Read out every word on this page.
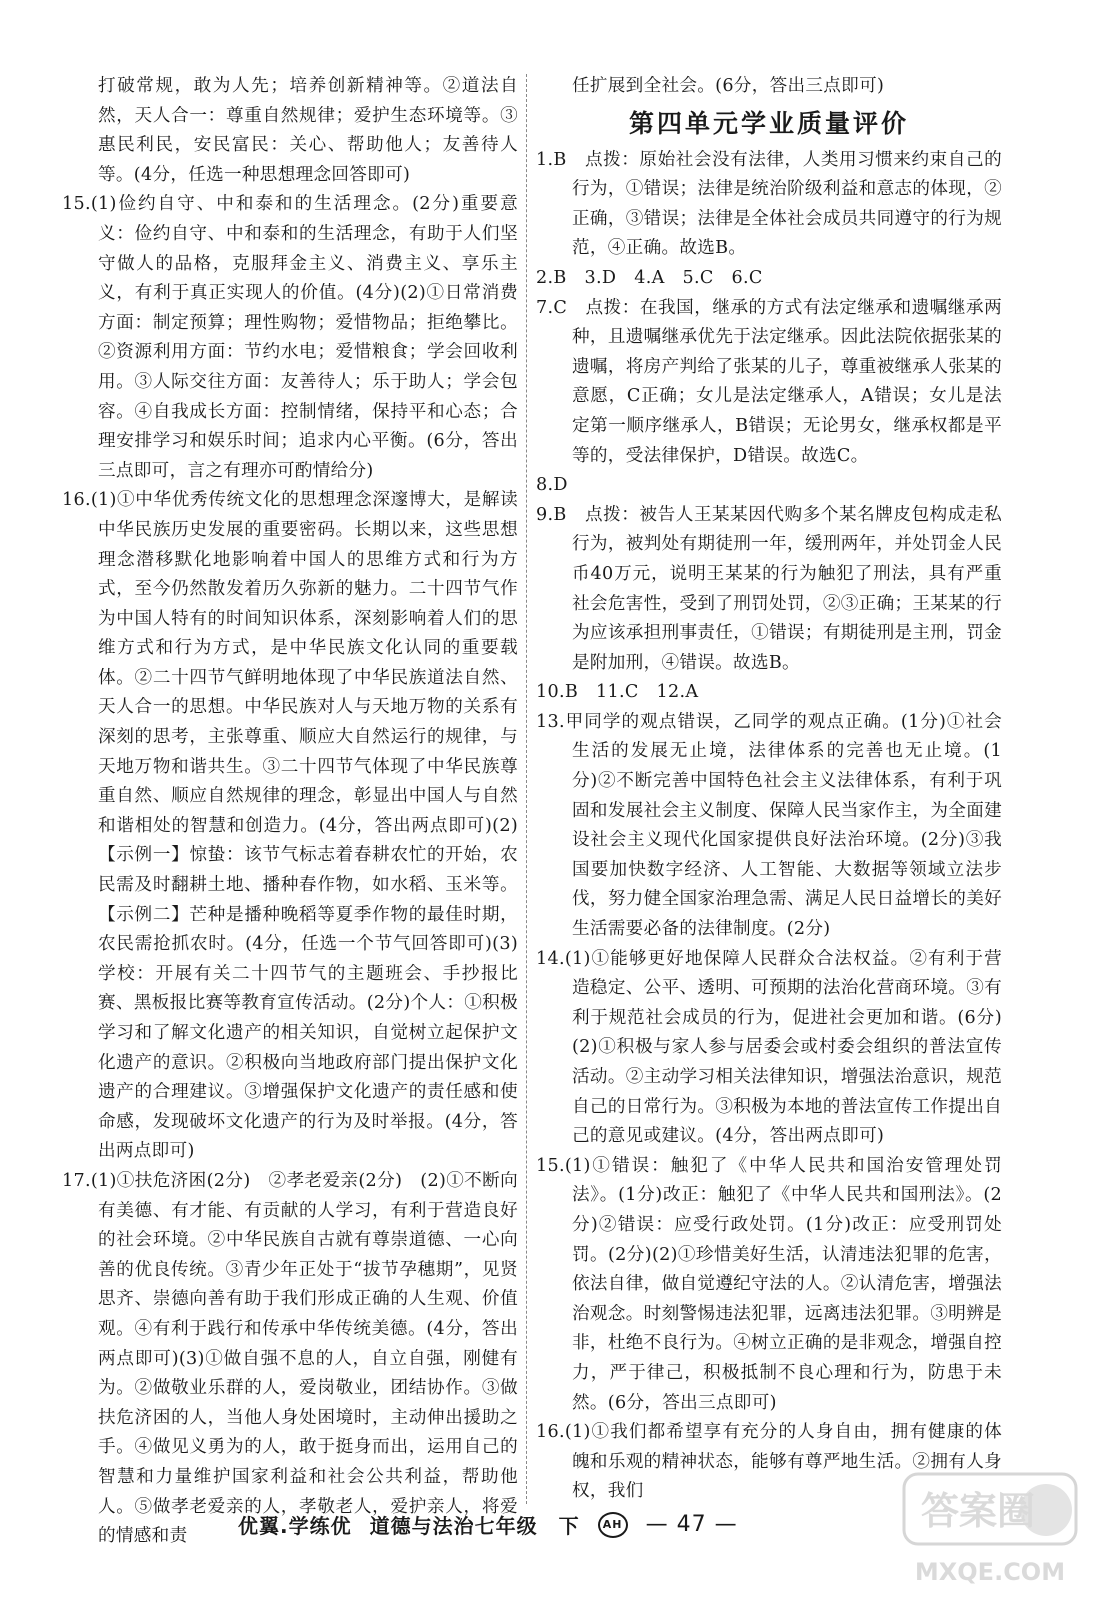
打破常规，敢为人先；培养创新精神等。②道法自然，天人合一：尊重自然规律；爱护生态环境等。③惠民利民，安民富民：关心、帮助他人；友善待人等。(4分，任选一种思想理念回答即可)

15.(1)俭约自守、中和泰和的生活理念。(2分)重要意义：俭约自守、中和泰和的生活理念，有助于人们坚守做人的品格，克服拜金主义、消费主义、享乐主义，有利于真正实现人的价值。(4分)(2)①日常消费方面：制定预算；理性购物；爱惜物品；拒绝攀比。②资源利用方面：节约水电；爱惜粮食；学会回收利用。③人际交往方面：友善待人；乐于助人；学会包容。④自我成长方面：控制情绪，保持平和心态；合理安排学习和娱乐时间；追求内心平衡。(6分，答出三点即可，言之有理亦可酌情给分)

16.(1)①中华优秀传统文化的思想理念深邃博大，是解读中华民族历史发展的重要密码。长期以来，这些思想理念潜移默化地影响着中国人的思维方式和行为方式，至今仍然散发着历久弥新的魅力。二十四节气作为中国人特有的时间知识体系，深刻影响着人们的思维方式和行为方式，是中华民族文化认同的重要载体。②二十四节气鲜明地体现了中华民族道法自然、天人合一的思想。中华民族对人与天地万物的关系有深刻的思考，主张尊重、顺应大自然运行的规律，与天地万物和谐共生。③二十四节气体现了中华民族尊重自然、顺应自然规律的理念，彰显出中国人与自然和谐相处的智慧和创造力。(4分，答出两点即可)(2)【示例一】惊蛰：该节气标志着春耕农忙的开始，农民需及时翻耕土地、播种春作物，如水稻、玉米等。【示例二】芒种是播种晚稻等夏季作物的最佳时期，农民需抢抓农时。(4分，任选一个节气回答即可)(3)学校：开展有关二十四节气的主题班会、手抄报比赛、黑板报比赛等教育宣传活动。(2分)个人：①积极学习和了解文化遗产的相关知识，自觉树立起保护文化遗产的意识。②积极向当地政府部门提出保护文化遗产的合理建议。③增强保护文化遗产的责任感和使命感，发现破坏文化遗产的行为及时举报。(4分，答出两点即可)

17.(1)①扶危济困(2分)　②孝老爱亲(2分)　(2)①不断向有美德、有才能、有贡献的人学习，有利于营造良好的社会环境。②中华民族自古就有尊崇道德、一心向善的优良传统。③青少年正处于“拔节孕穗期”，见贤思齐、崇德向善有助于我们形成正确的人生观、价值观。④有利于践行和传承中华传统美德。(4分，答出两点即可)(3)①做自强不息的人，自立自强，刚健有为。②做敬业乐群的人，爱岗敬业，团结协作。③做扶危济困的人，当他人身处困境时，主动伸出援助之手。④做见义勇为的人，敢于挺身而出，运用自己的智慧和力量维护国家利益和社会公共利益，帮助他人。⑤做孝老爱亲的人，孝敬老人，爱护亲人，将爱的情感和责

任扩展到全社会。(6分，答出三点即可)

第四单元学业质量评价

1.B　点拨：原始社会没有法律，人类用习惯来约束自己的行为，①错误；法律是统治阶级利益和意志的体现，②正确，③错误；法律是全体社会成员共同遵守的行为规范，④正确。故选B。

2.B　3.D　4.A　5.C　6.C

7.C　点拨：在我国，继承的方式有法定继承和遗嘱继承两种，且遗嘱继承优先于法定继承。因此法院依据张某的遗嘱，将房产判给了张某的儿子，尊重被继承人张某的意愿，C正确；女儿是法定继承人，A错误；女儿是法定第一顺序继承人，B错误；无论男女，继承权都是平等的，受法律保护，D错误。故选C。

8.D

9.B　点拨：被告人王某某因代购多个某名牌皮包构成走私行为，被判处有期徒刑一年，缓刑两年，并处罚金人民币40万元，说明王某某的行为触犯了刑法，具有严重社会危害性，受到了刑罚处罚，②③正确；王某某的行为应该承担刑事责任，①错误；有期徒刑是主刑，罚金是附加刑，④错误。故选B。

10.B　11.C　12.A

13.甲同学的观点错误，乙同学的观点正确。(1分)①社会生活的发展无止境，法律体系的完善也无止境。(1分)②不断完善中国特色社会主义法律体系，有利于巩固和发展社会主义制度、保障人民当家作主，为全面建设社会主义现代化国家提供良好法治环境。(2分)③我国要加快数字经济、人工智能、大数据等领域立法步伐，努力健全国家治理急需、满足人民日益增长的美好生活需要必备的法律制度。(2分)

14.(1)①能够更好地保障人民群众合法权益。②有利于营造稳定、公平、透明、可预期的法治化营商环境。③有利于规范社会成员的行为，促进社会更加和谐。(6分)(2)①积极与家人参与居委会或村委会组织的普法宣传活动。②主动学习相关法律知识，增强法治意识，规范自己的日常行为。③积极为本地的普法宣传工作提出自己的意见或建议。(4分，答出两点即可)

15.(1)①错误：触犯了《中华人民共和国治安管理处罚法》。(1分)改正：触犯了《中华人民共和国刑法》。(2分)②错误：应受行政处罚。(1分)改正：应受刑罚处罚。(2分)(2)①珍惜美好生活，认清违法犯罪的危害，依法自律，做自觉遵纪守法的人。②认清危害，增强法治观念。时刻警惕违法犯罪，远离违法犯罪。③明辨是非，杜绝不良行为。④树立正确的是非观念，增强自控力，严于律己，积极抵制不良心理和行为，防患于未然。(6分，答出三点即可)

16.(1)①我们都希望享有充分的人身自由，拥有健康的体魄和乐观的精神状态，能够有尊严地生活。②拥有人身权，我们

优翼.学练优 道德与法治七年级　下	AH — 47 —	答案圈
MXQE.COM
